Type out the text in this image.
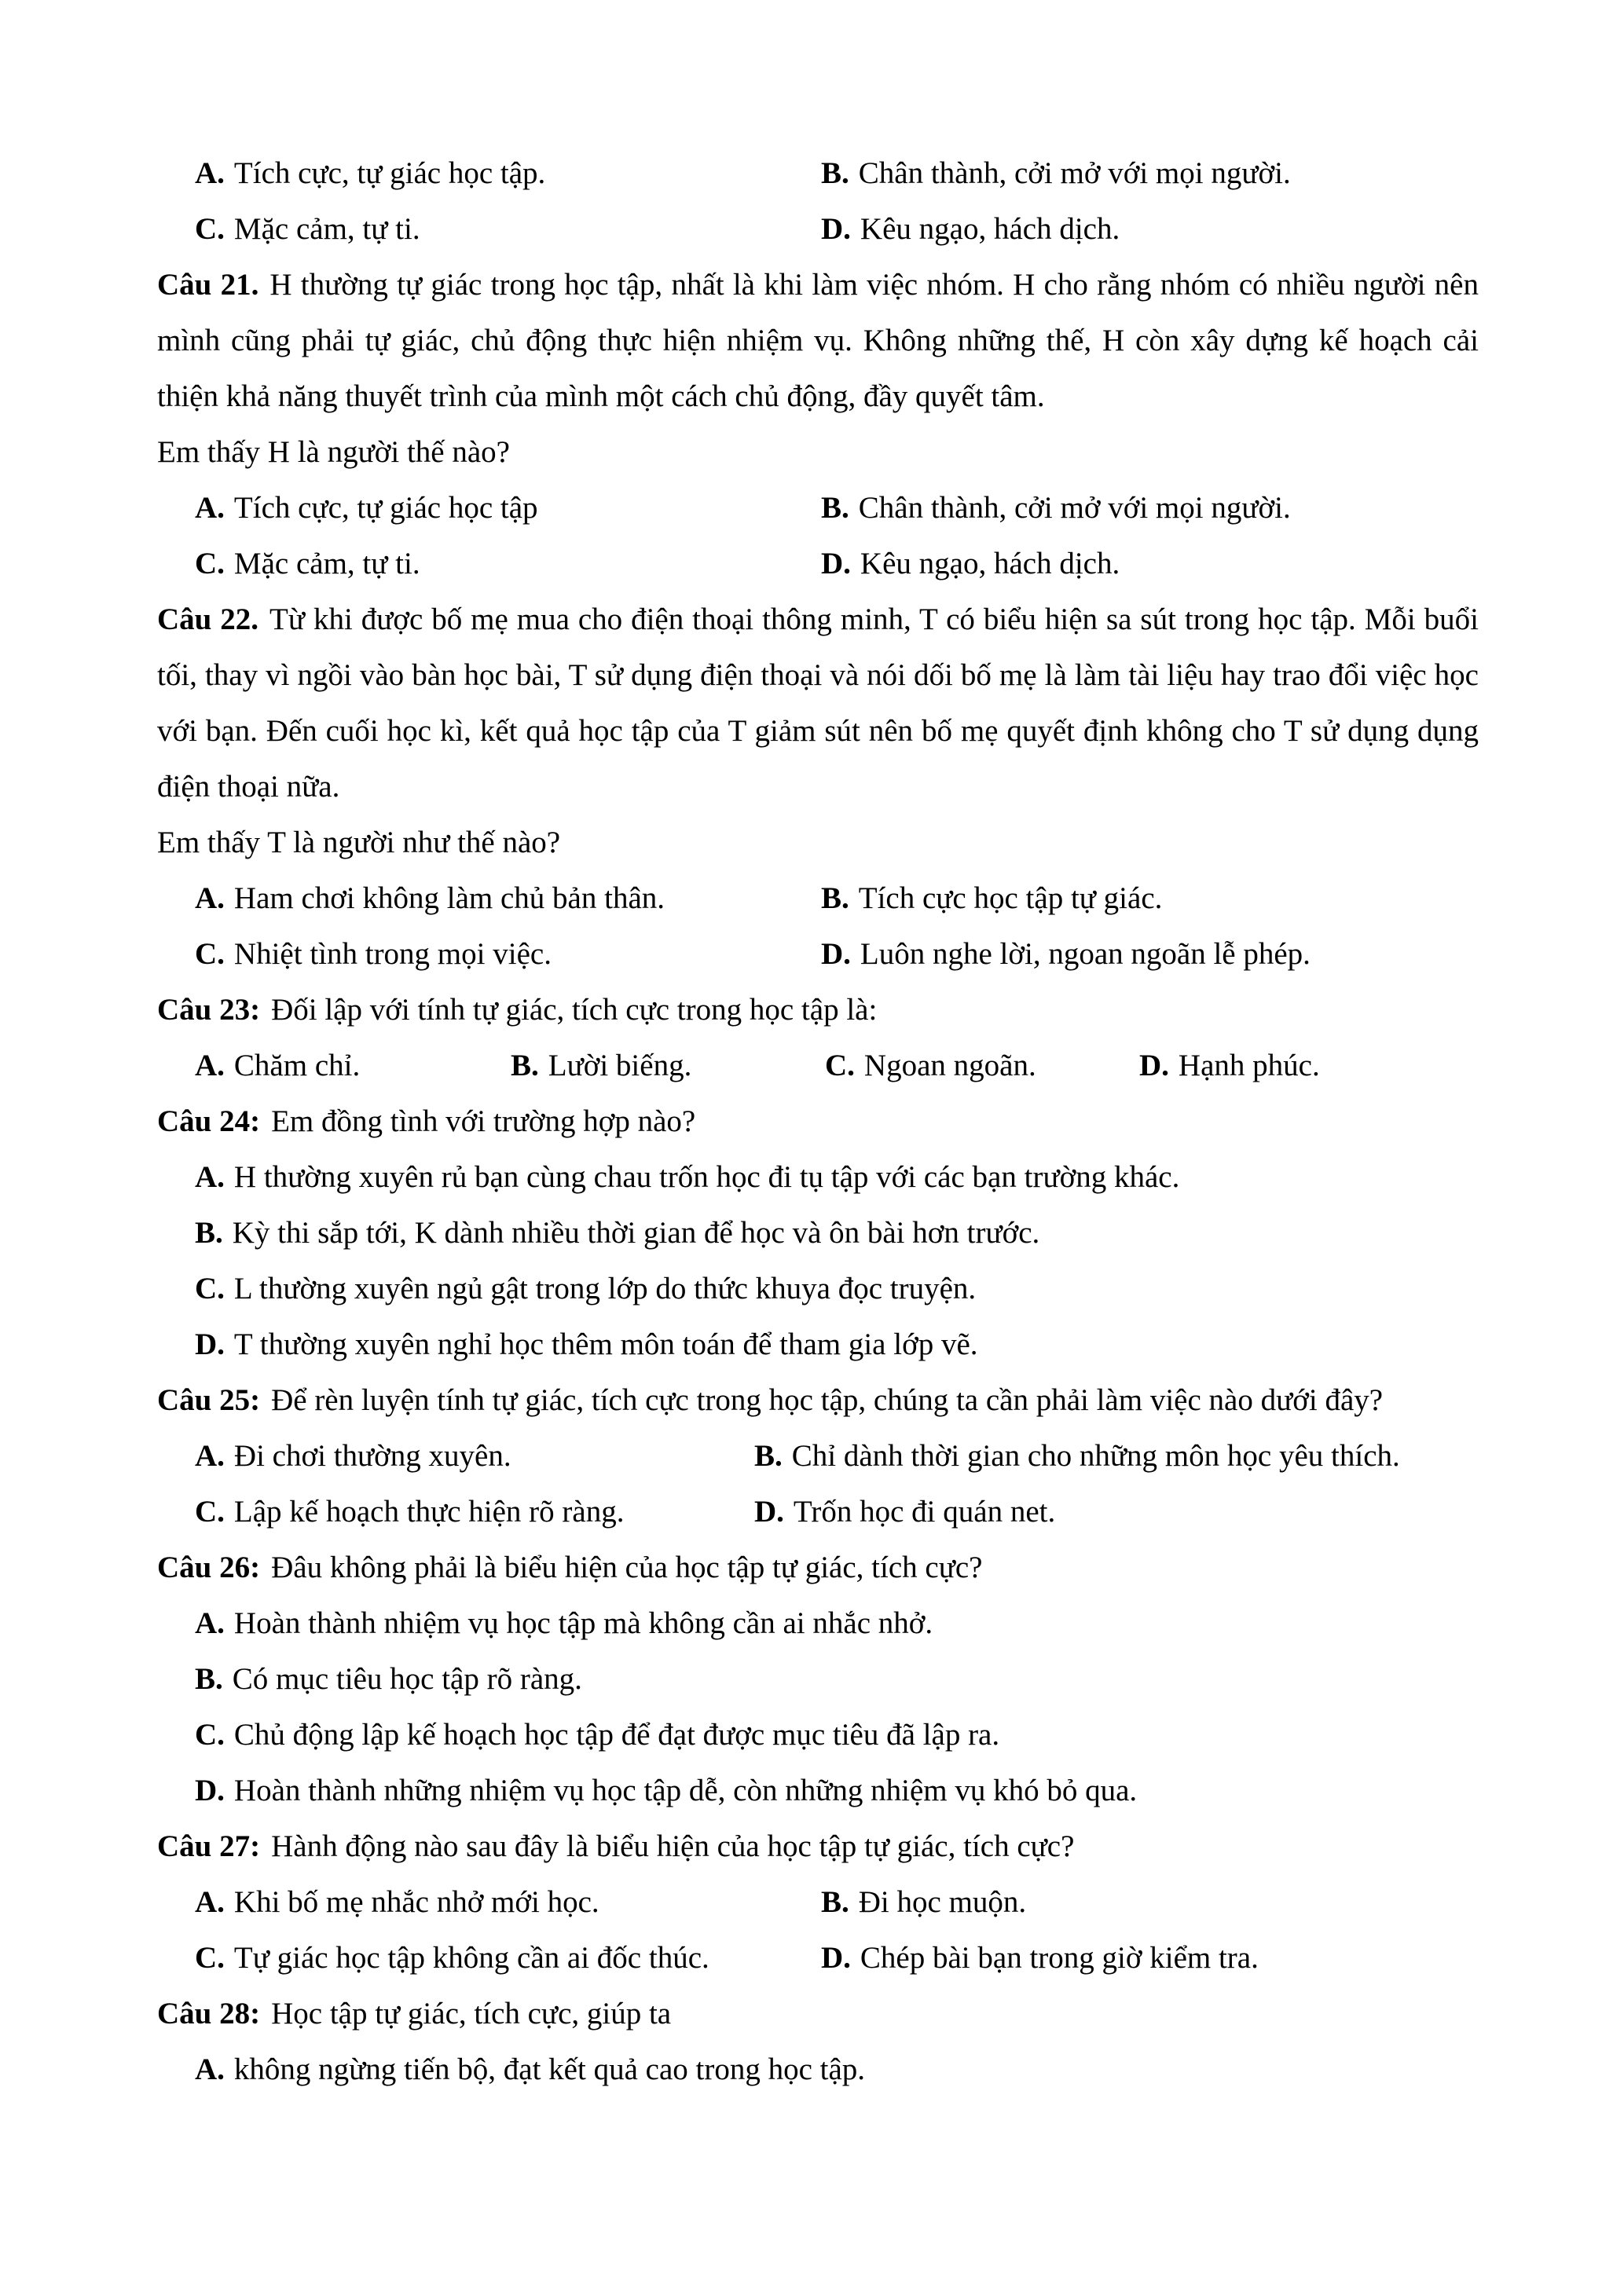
A. Tích cực, tự giác học tập.	B. Chân thành, cởi mở với mọi người.
C. Mặc cảm, tự ti.	D. Kêu ngạo, hách dịch.

Câu 21. H thường tự giác trong học tập, nhất là khi làm việc nhóm. H cho rằng nhóm có nhiều người nên mình cũng phải tự giác, chủ động thực hiện nhiệm vụ. Không những thế, H còn xây dựng kế hoạch cải thiện khả năng thuyết trình của mình một cách chủ động, đầy quyết tâm.

Em thấy H là người thế nào?

A. Tích cực, tự giác học tập	B. Chân thành, cởi mở với mọi người.
C. Mặc cảm, tự ti.	D. Kêu ngạo, hách dịch.

Câu 22. Từ khi được bố mẹ mua cho điện thoại thông minh, T có biểu hiện sa sút trong học tập. Mỗi buổi tối, thay vì ngồi vào bàn học bài, T sử dụng điện thoại và nói dối bố mẹ là làm tài liệu hay trao đổi việc học với bạn. Đến cuối học kì, kết quả học tập của T giảm sút nên bố mẹ quyết định không cho T sử dụng dụng điện thoại nữa.

Em thấy T là người như thế nào?

A. Ham chơi không làm chủ bản thân.	B. Tích cực học tập tự giác.
C. Nhiệt tình trong mọi việc.	D. Luôn nghe lời, ngoan ngoãn lễ phép.

Câu 23: Đối lập với tính tự giác, tích cực trong học tập là:

A. Chăm chỉ.	B. Lười biếng.	C. Ngoan ngoãn.	D. Hạnh phúc.

Câu 24: Em đồng tình với trường hợp nào?

A. H thường xuyên rủ bạn cùng chau trốn học đi tụ tập với các bạn trường khác.
B. Kỳ thi sắp tới, K dành nhiều thời gian để học và ôn bài hơn trước.
C. L thường xuyên ngủ gật trong lớp do thức khuya đọc truyện.
D. T thường xuyên nghỉ học thêm môn toán để tham gia lớp vẽ.

Câu 25: Để rèn luyện tính tự giác, tích cực trong học tập, chúng ta cần phải làm việc nào dưới đây?

A. Đi chơi thường xuyên.	B. Chỉ dành thời gian cho những môn học yêu thích.
C. Lập kế hoạch thực hiện rõ ràng.	D. Trốn học đi quán net.

Câu 26: Đâu không phải là biểu hiện của học tập tự giác, tích cực?

A. Hoàn thành nhiệm vụ học tập mà không cần ai nhắc nhở.
B. Có mục tiêu học tập rõ ràng.
C. Chủ động lập kế hoạch học tập để đạt được mục tiêu đã lập ra.
D. Hoàn thành những nhiệm vụ học tập dễ, còn những nhiệm vụ khó bỏ qua.

Câu 27: Hành động nào sau đây là biểu hiện của học tập tự giác, tích cực?

A. Khi bố mẹ nhắc nhở mới học.	B. Đi học muộn.
C. Tự giác học tập không cần ai đốc thúc.	D. Chép bài bạn trong giờ kiểm tra.

Câu 28: Học tập tự giác, tích cực, giúp ta

A. không ngừng tiến bộ, đạt kết quả cao trong học tập.
